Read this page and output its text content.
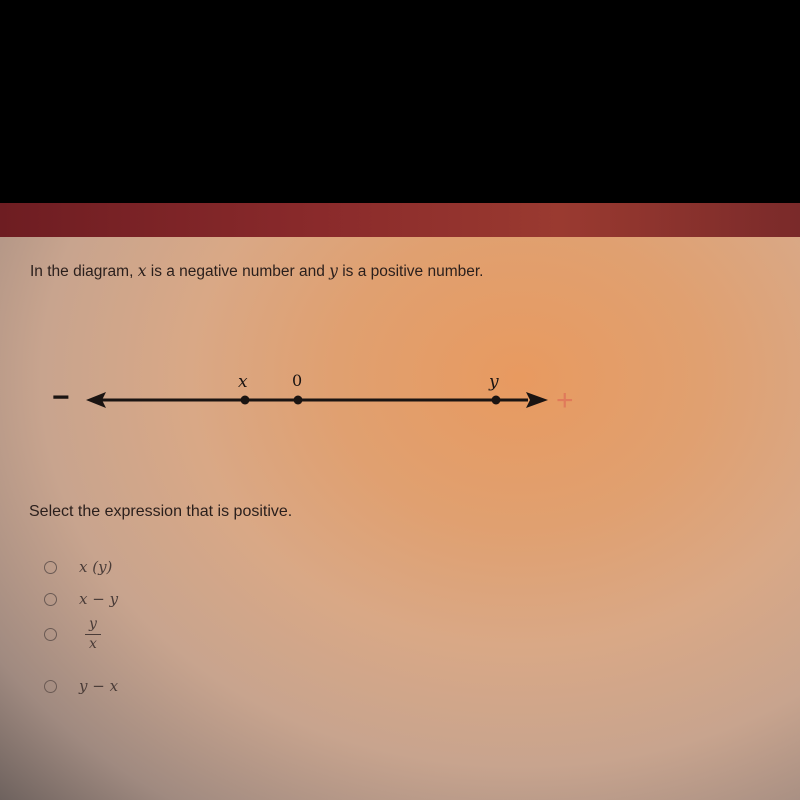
In the diagram, x is a negative number and y is a positive number.
−	+
x	0	y
Select the expression that is positive.
x (y)
x − y
$\frac{y}{x}$
y − x
